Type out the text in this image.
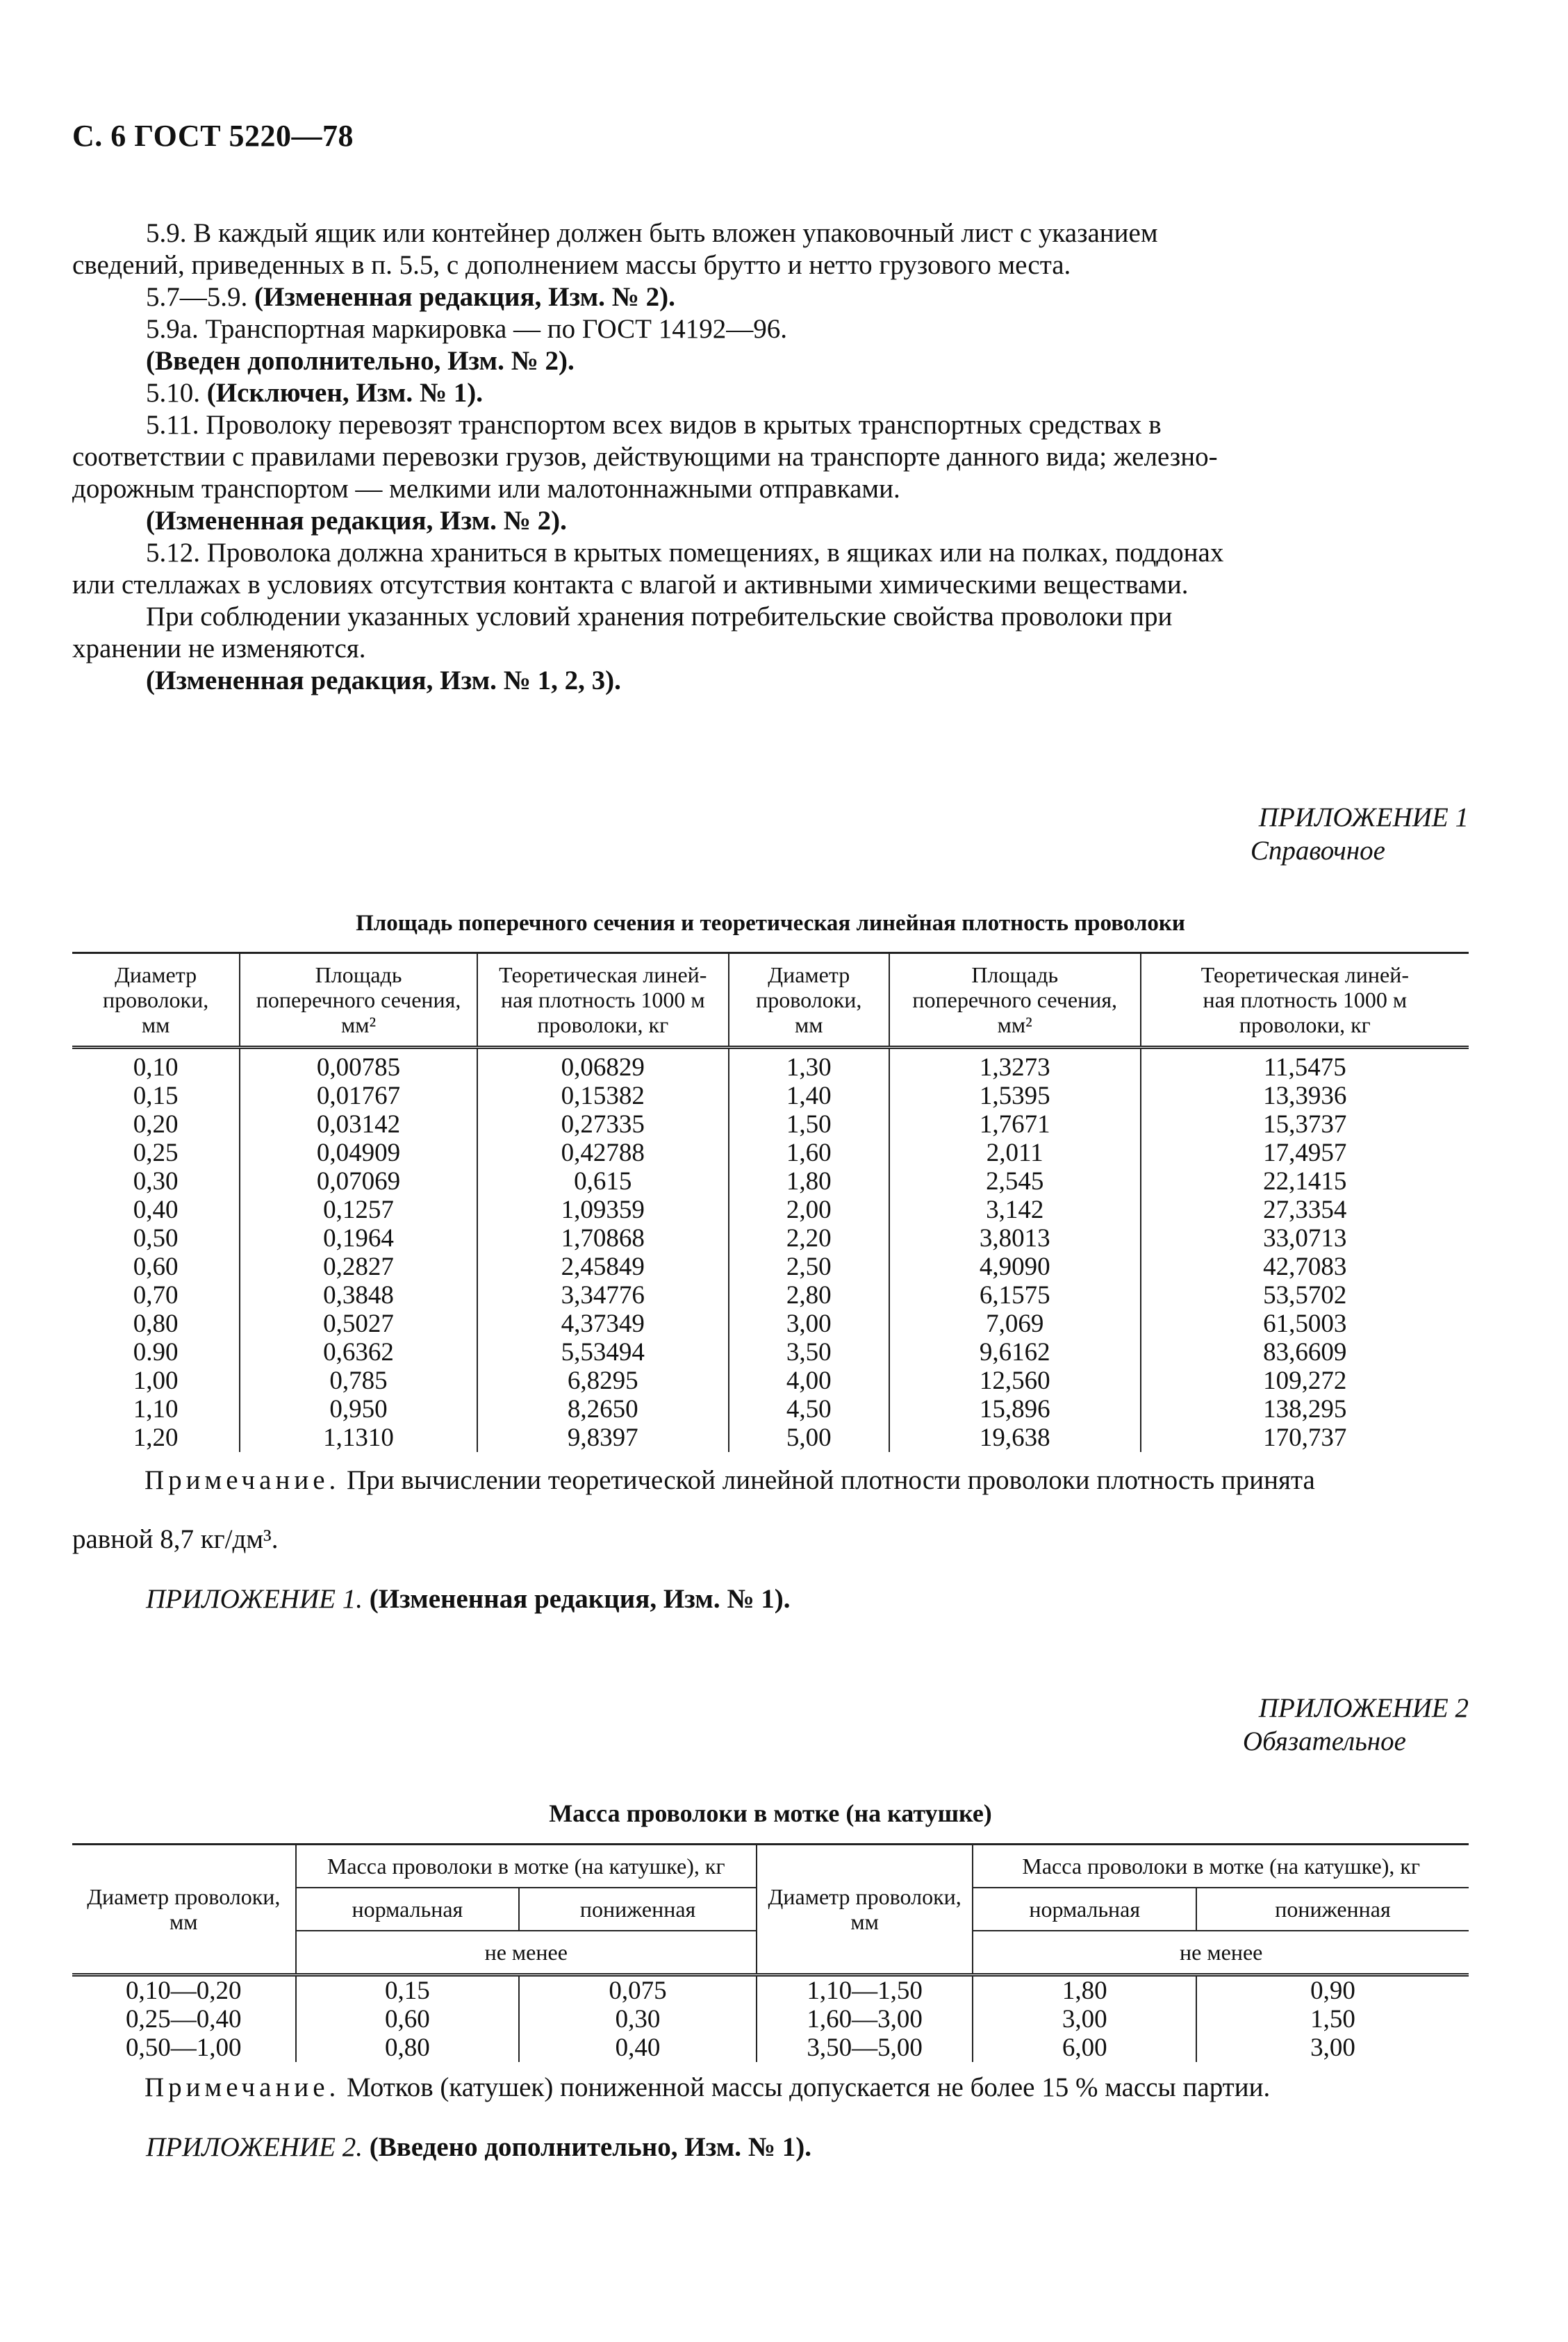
С. 6 ГОСТ 5220—78

5.9. В каждый ящик или контейнер должен быть вложен упаковочный лист с указанием

сведений, приведенных в п. 5.5, с дополнением массы брутто и нетто грузового места.

5.7—5.9. (Измененная редакция, Изм. № 2).

5.9а. Транспортная маркировка — по ГОСТ 14192—96.

(Введен дополнительно, Изм. № 2).

5.10. (Исключен, Изм. № 1).

5.11. Проволоку перевозят транспортом всех видов в крытых транспортных средствах в

соответствии с правилами перевозки грузов, действующими на транспорте данного вида; железно-

дорожным транспортом — мелкими или малотоннажными отправками.

(Измененная редакция, Изм. № 2).

5.12. Проволока должна храниться в крытых помещениях, в ящиках или на полках, поддонах

или стеллажах в условиях отсутствия контакта с влагой и активными химическими веществами.

При соблюдении указанных условий хранения потребительские свойства проволоки при

хранении не изменяются.

(Измененная редакция, Изм. № 1, 2, 3).

ПРИЛОЖЕНИЕ 1
Справочное
Площадь поперечного сечения и теоретическая линейная плотность проволоки
Диаметр
проволоки,
мм	Площадь
поперечного сечения,
мм²	Теоретическая линей-
ная плотность 1000 м
проволоки, кг	Диаметр
проволоки,
мм	Площадь
поперечного сечения,
мм²	Теоретическая линей-
ная плотность 1000 м
проволоки, кг
0,10	0,00785	0,06829	1,30	1,3273	11,5475
0,15	0,01767	0,15382	1,40	1,5395	13,3936
0,20	0,03142	0,27335	1,50	1,7671	15,3737
0,25	0,04909	0,42788	1,60	2,011	17,4957
0,30	0,07069	0,615	1,80	2,545	22,1415
0,40	0,1257	1,09359	2,00	3,142	27,3354
0,50	0,1964	1,70868	2,20	3,8013	33,0713
0,60	0,2827	2,45849	2,50	4,9090	42,7083
0,70	0,3848	3,34776	2,80	6,1575	53,5702
0,80	0,5027	4,37349	3,00	7,069	61,5003
0.90	0,6362	5,53494	3,50	9,6162	83,6609
1,00	0,785	6,8295	4,00	12,560	109,272
1,10	0,950	8,2650	4,50	15,896	138,295
1,20	1,1310	9,8397	5,00	19,638	170,737

Примечание. При вычислении теоретической линейной плотности проволоки плотность принята

равной 8,7 кг/дм³.

ПРИЛОЖЕНИЕ 1. (Измененная редакция, Изм. № 1).

ПРИЛОЖЕНИЕ 2
Обязательное
Масса проволоки в мотке (на катушке)
Диаметр проволоки, мм	Масса проволоки в мотке (на катушке), кг		Диаметр проволоки, мм	Масса проволоки в мотке (на катушке), кг	
	нормальная	пониженная		нормальная	пониженная
	не менее			не менее	
0,10—0,20	0,15	0,075	1,10—1,50	1,80	0,90
0,25—0,40	0,60	0,30	1,60—3,00	3,00	1,50
0,50—1,00	0,80	0,40	3,50—5,00	6,00	3,00

Примечание. Мотков (катушек) пониженной массы допускается не более 15 % массы партии.

ПРИЛОЖЕНИЕ 2. (Введено дополнительно, Изм. № 1).
